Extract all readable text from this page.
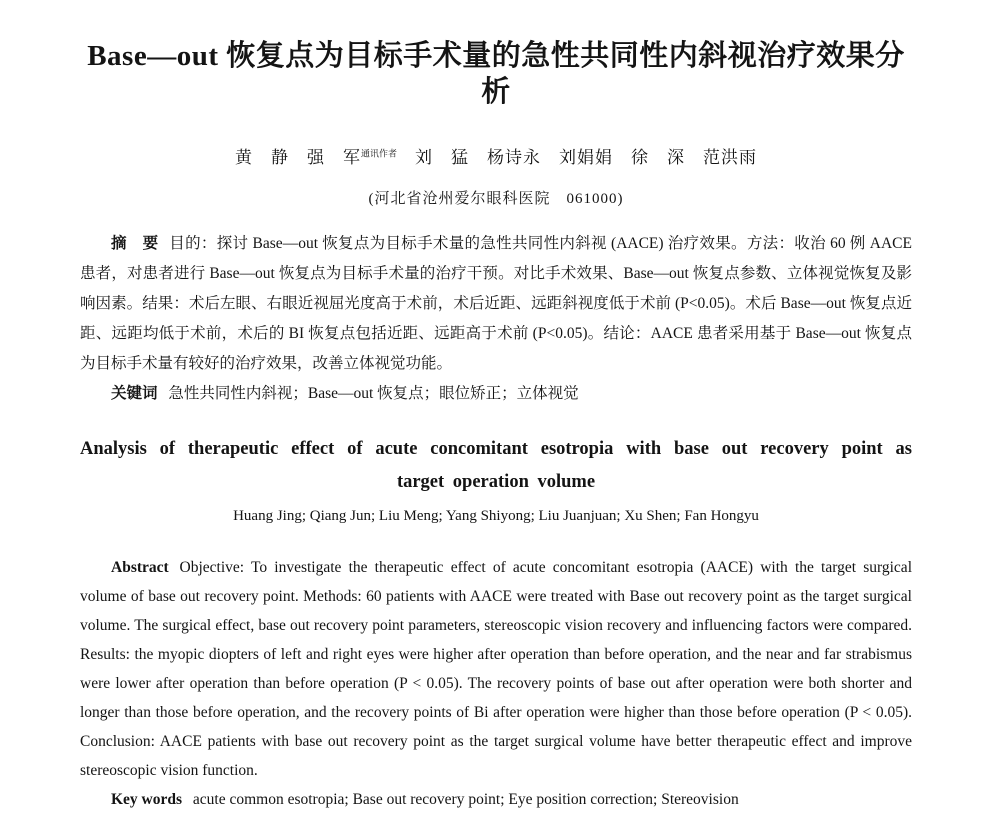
Base—out 恢复点为目标手术量的急性共同性内斜视治疗效果分析
黄　静　强　军$^{通讯作者}$　 刘　猛　杨诗永　刘娟娟　徐　深　范洪雨
(河北省沧州爱尔眼科医院　061000)

摘　要 目的：探讨 Base—out 恢复点为目标手术量的急性共同性内斜视 (AACE) 治疗效果。方法：收治 60 例 AACE 患者，对患者进行 Base—out 恢复点为目标手术量的治疗干预。对比手术效果、Base—out 恢复点参数、立体视觉恢复及影响因素。结果：术后左眼、右眼近视屈光度高于术前，术后近距、远距斜视度低于术前 (P<0.05)。术后 Base—out 恢复点近距、远距均低于术前，术后的 BI 恢复点包括近距、远距高于术前 (P<0.05)。结论：AACE 患者采用基于 Base—out 恢复点为目标手术量有较好的治疗效果，改善立体视觉功能。

关键词 急性共同性内斜视；Base—out 恢复点；眼位矫正；立体视觉

Analysis of therapeutic effect of acute concomitant esotropia with base out recovery point as target operation volume
Huang Jing; Qiang Jun; Liu Meng; Yang Shiyong; Liu Juanjuan; Xu Shen; Fan Hongyu

Abstract Objective: To investigate the therapeutic effect of acute concomitant esotropia (AACE) with the target surgical volume of base out recovery point. Methods: 60 patients with AACE were treated with Base out recovery point as the target surgical volume. The surgical effect, base out recovery point parameters, stereoscopic vision recovery and influencing factors were compared. Results: the myopic diopters of left and right eyes were higher after operation than before operation, and the near and far strabismus were lower after operation than before operation (P < 0.05). The recovery points of base out after operation were both shorter and longer than those before operation, and the recovery points of Bi after operation were higher than those before operation (P < 0.05). Conclusion: AACE patients with base out recovery point as the target surgical volume have better therapeutic effect and improve stereoscopic vision function.

Key words acute common esotropia; Base out recovery point; Eye position correction; Stereovision
